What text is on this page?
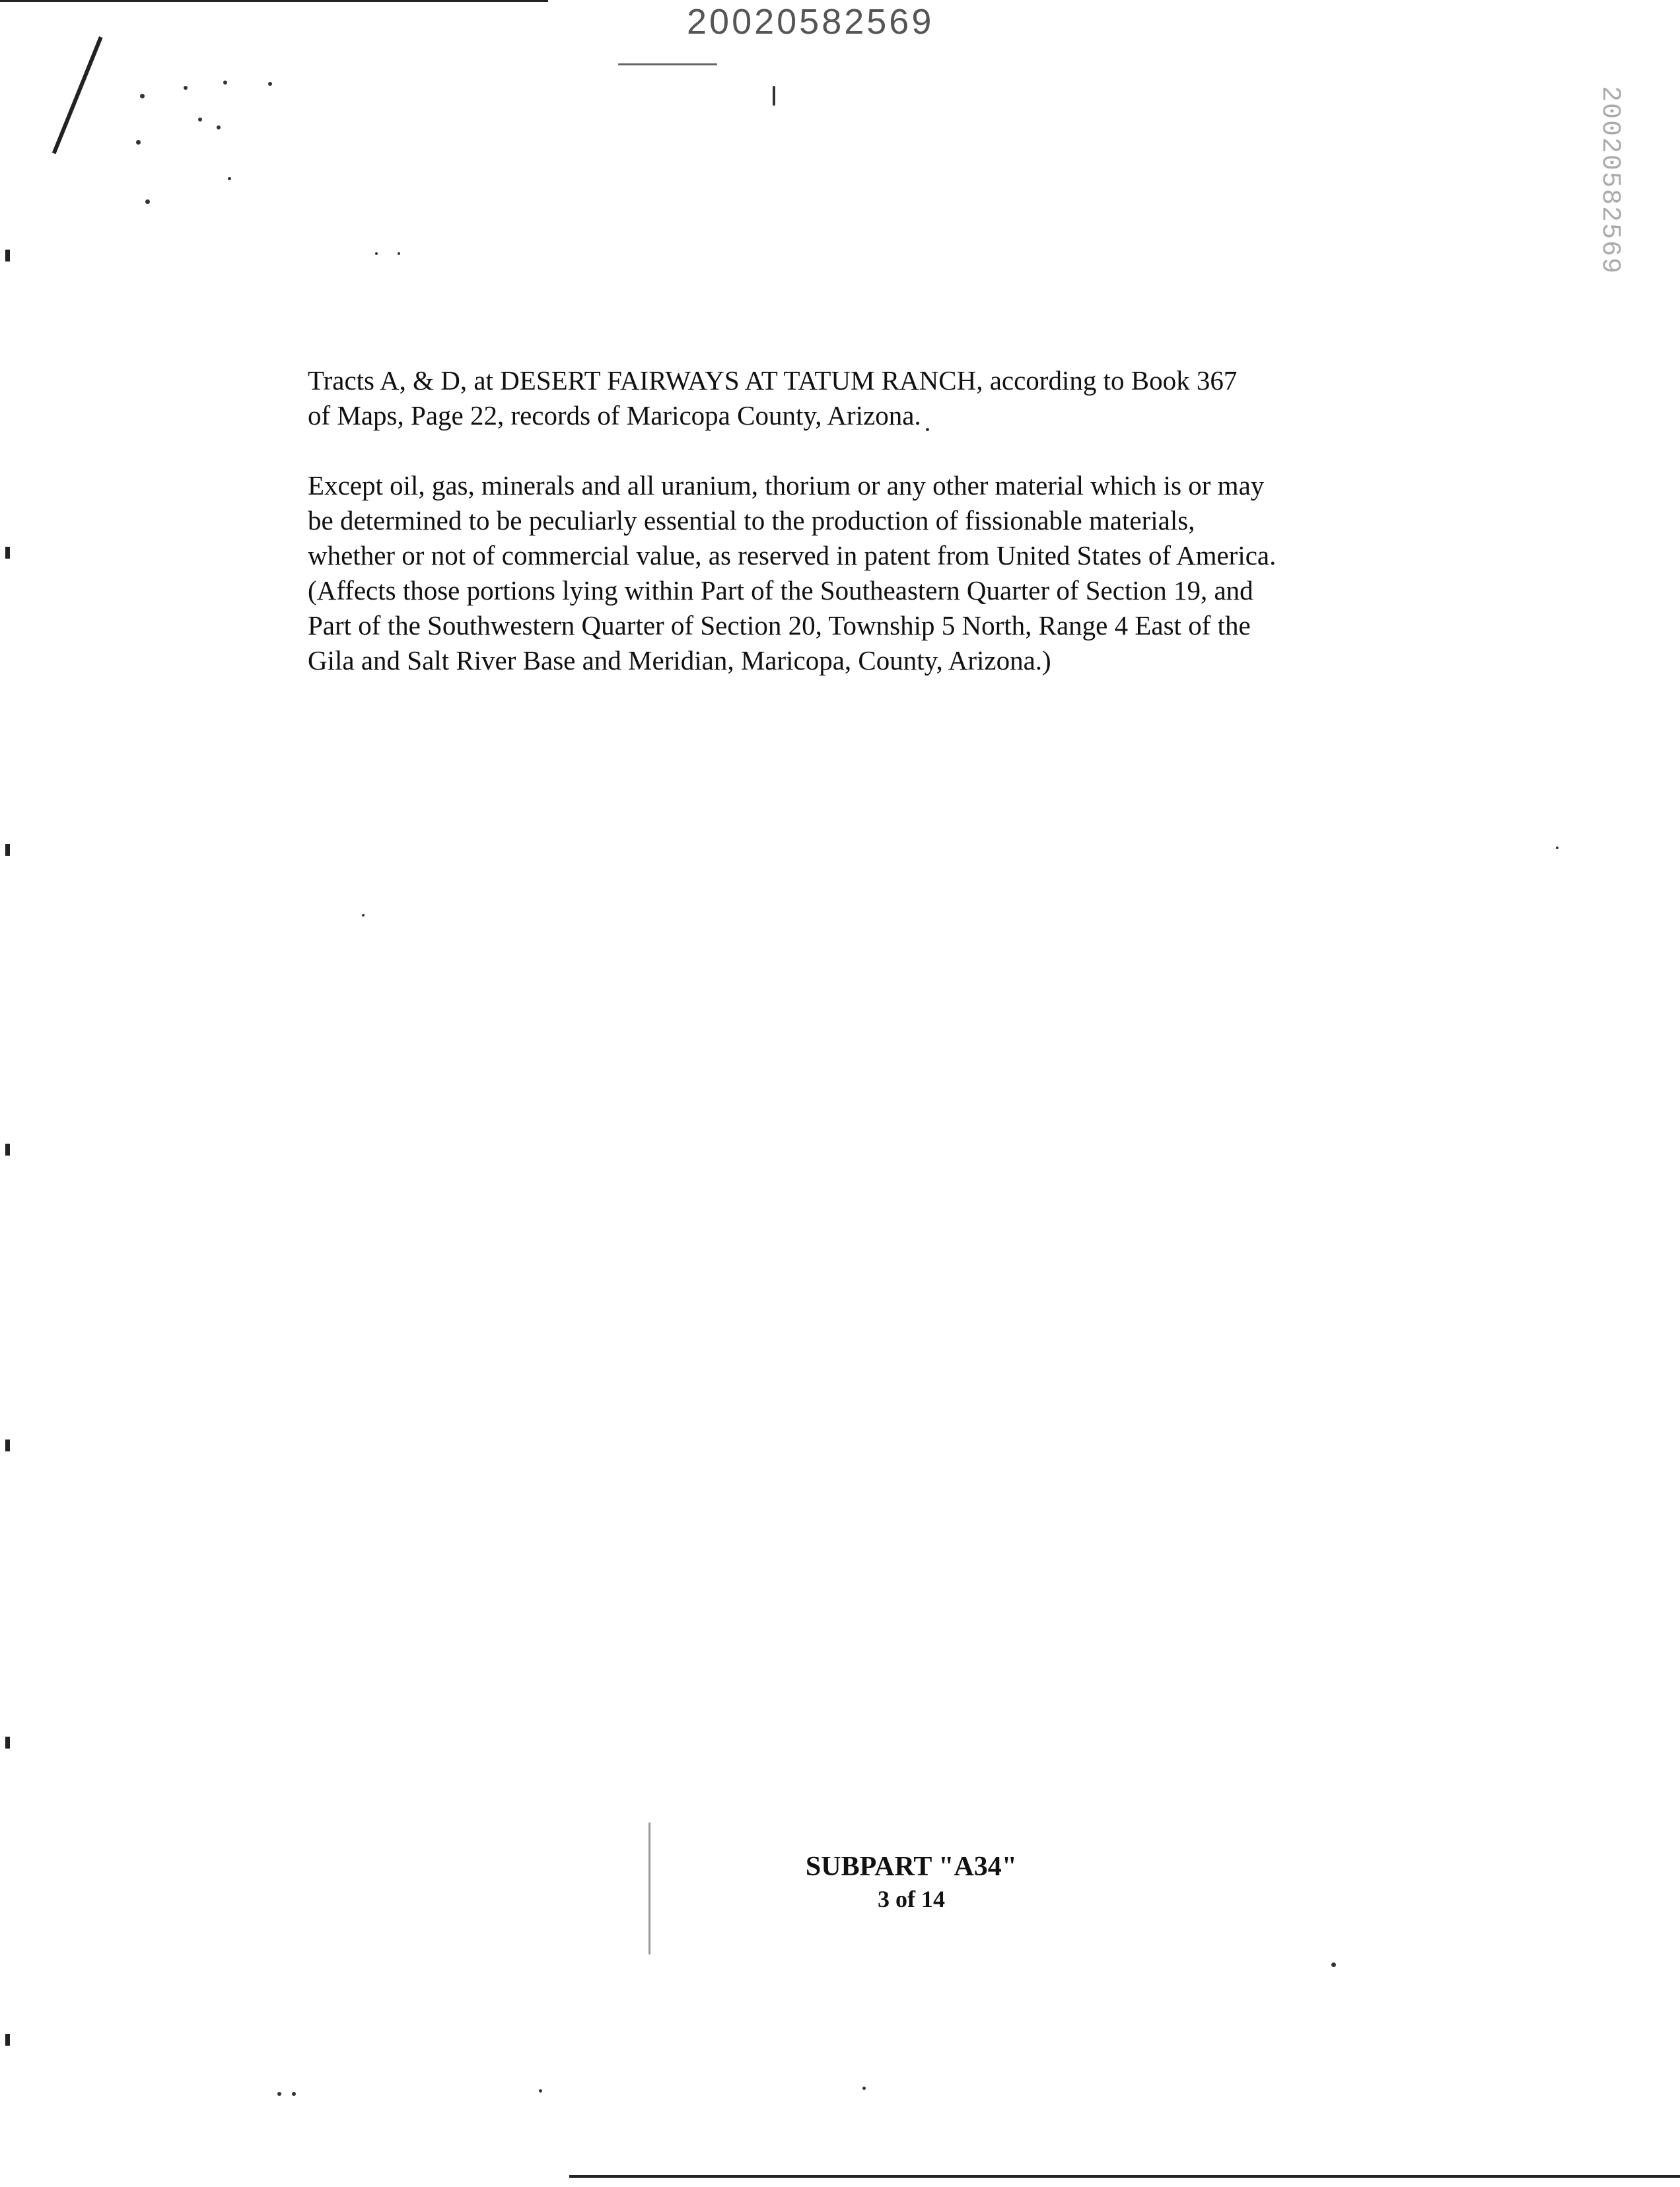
20020582569
20020582569
Tracts A, & D, at DESERT FAIRWAYS AT TATUM RANCH, according to Book 367
of Maps, Page 22, records of Maricopa County, Arizona.
Except oil, gas, minerals and all uranium, thorium or any other material which is or may
be determined to be peculiarly essential to the production of fissionable materials,
whether or not of commercial value, as reserved in patent from United States of America.
(Affects those portions lying within Part of the Southeastern Quarter of Section 19, and
Part of the Southwestern Quarter of Section 20, Township 5 North, Range 4 East of the
Gila and Salt River Base and Meridian, Maricopa, County, Arizona.)
SUBPART "A34"
3 of 14
